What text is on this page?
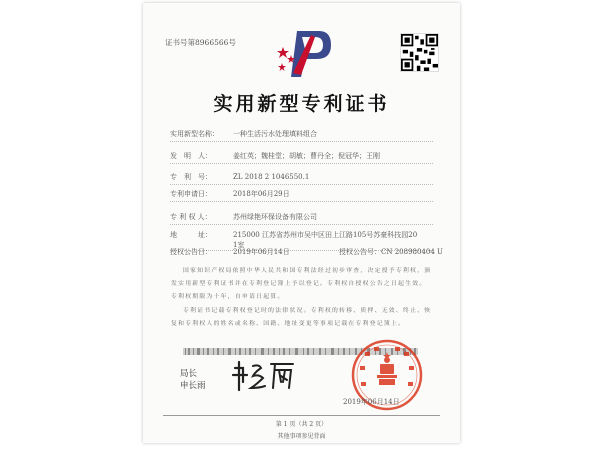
证书号第8966566号
实用新型专利证书
实用新型名称： 一种生活污水处理填料组合
发　明　人：	姜红英；魏桂堂；胡敏；曹丹全；倪冠华；王刚
专　利　号：	ZL 2018 2 1046550.1
专利申请日：	2018年06月29日
专 利 权 人：	苏州绿艳环保设备有限公司
地　　　址：	215000 江苏省苏州市吴中区田上江路105号苏豪科技园20
1室
授权公告日：	2019年06月14日	授权公告号：CN 208980404 U
国家知识产权局依照中华人民共和国专利法经过初步审查，决定授予专利权，颁发实用新型专利证书并在专利登记簿上予以登记。专利权自授权公告之日起生效。专利权期限为十年，自申请日起算。
专利证书记载专利权登记时的法律状况。专利权的转移、质押、无效、终止、恢复和专利权人的姓名或名称、国籍、地址变更等事项记载在专利登记簿上。
局长
申长雨
2019年06月14日
第 1 页（共 2 页）
其他事项参见背面
